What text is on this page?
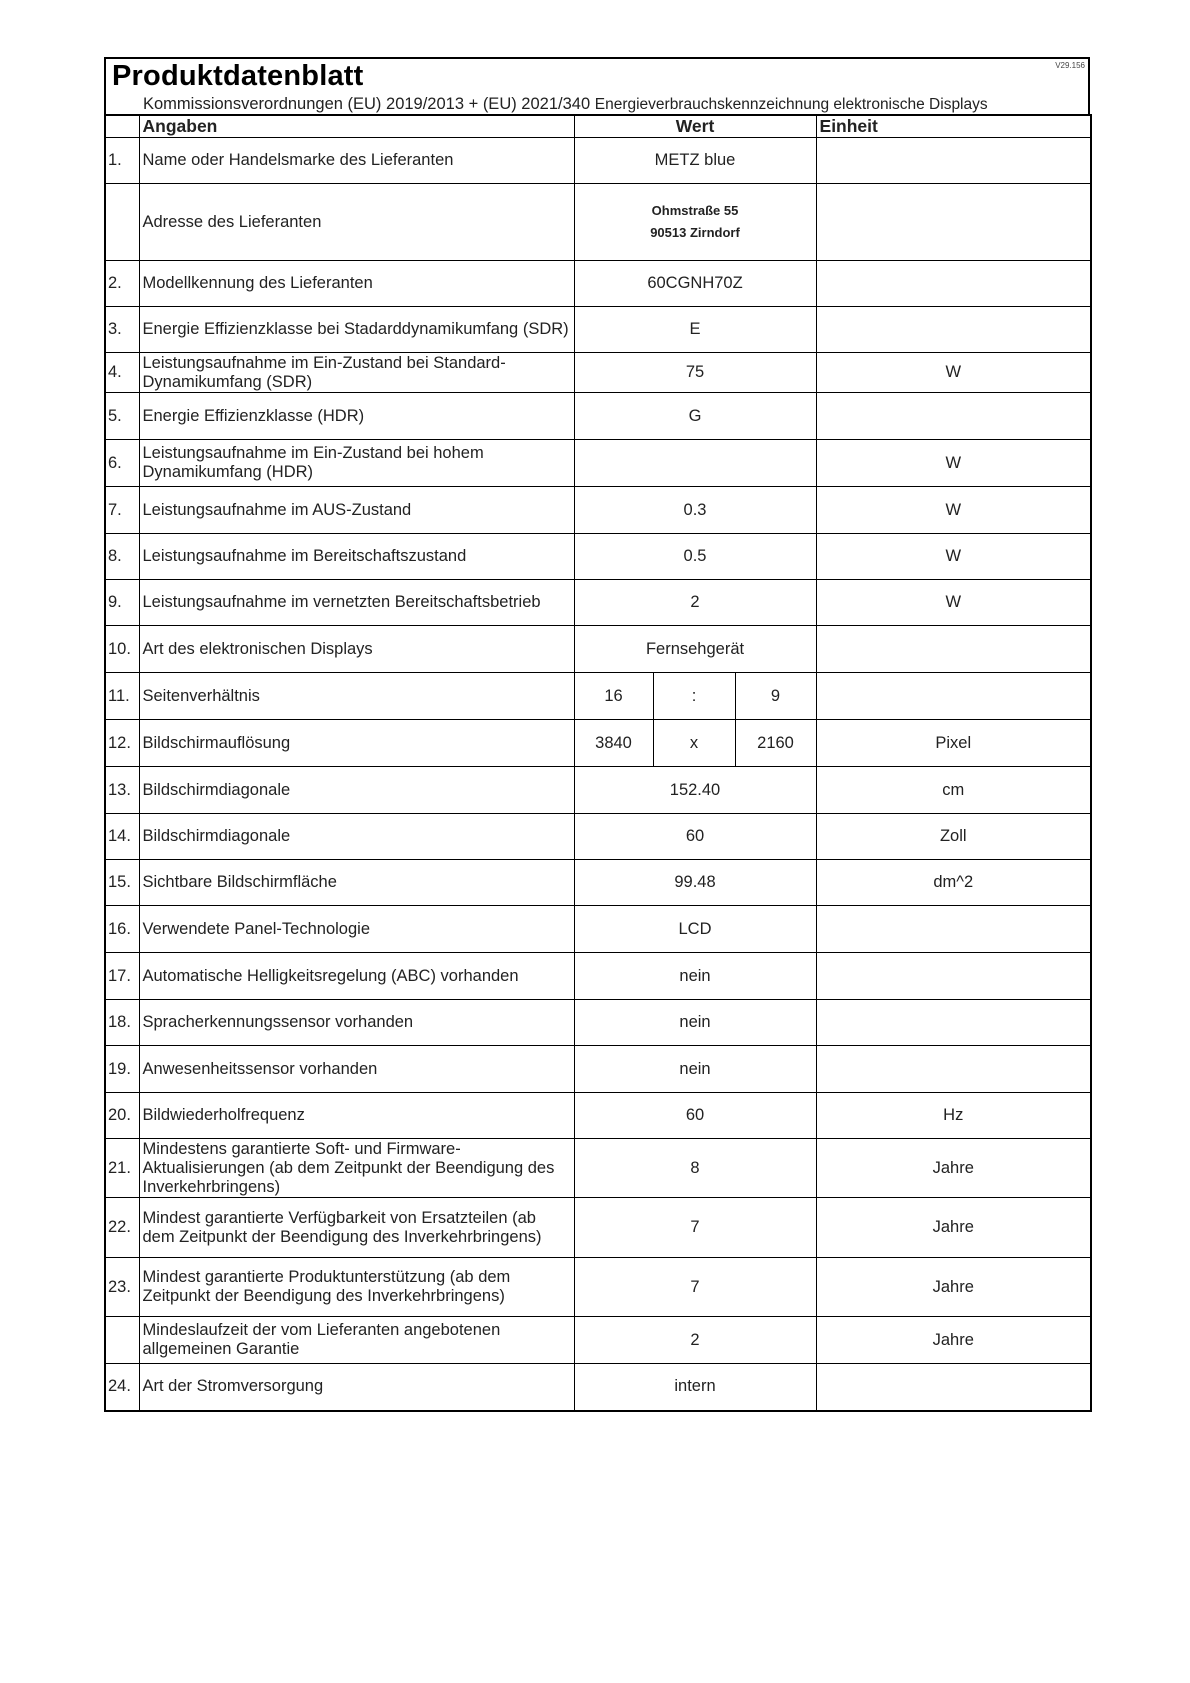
Produktdatenblatt	V29.156
Kommissionsverordnungen (EU) 2019/2013 + (EU) 2021/340 Energieverbrauchskennzeichnung elektronische Displays
	Angaben	Wert			Einheit
1.	Name oder Handelsmarke des Lieferanten	METZ blue			
	Adresse des Lieferanten	Ohmstraße 55
90513 Zirndorf			

2.	Modellkennung des Lieferanten	60CGNH70Z			
3.	Energie Effizienzklasse bei Stadarddynamikumfang (SDR)	E			
4.	Leistungsaufnahme im Ein-Zustand bei Standard-Dynamikumfang (SDR)	75			W
5.	Energie Effizienzklasse (HDR)	G			
6.	Leistungsaufnahme im Ein-Zustand bei hohem Dynamikumfang (HDR)				W
7.	Leistungsaufnahme im AUS-Zustand	0.3			W
8.	Leistungsaufnahme im Bereitschaftszustand	0.5			W
9.	Leistungsaufnahme im vernetzten Bereitschaftsbetrieb	2			W
10.	Art des elektronischen Displays	Fernsehgerät			
11.	Seitenverhältnis	16	:	9	
12.	Bildschirmauflösung	3840	x	2160	Pixel
13.	Bildschirmdiagonale	152.40			cm
14.	Bildschirmdiagonale	60			Zoll
15.	Sichtbare Bildschirmfläche	99.48			dm^2
16.	Verwendete Panel-Technologie	LCD			
17.	Automatische Helligkeitsregelung (ABC) vorhanden	nein			
18.	Spracherkennungssensor vorhanden	nein			
19.	Anwesenheitssensor vorhanden	nein			
20.	Bildwiederholfrequenz	60			Hz
21.	Mindestens garantierte Soft- und Firmware-Aktualisierungen (ab dem Zeitpunkt der Beendigung des Inverkehrbringens)	8			Jahre
22.	Mindest garantierte Verfügbarkeit von Ersatzteilen (ab dem Zeitpunkt der Beendigung des Inverkehrbringens)	7			Jahre
23.	Mindest garantierte Produktunterstützung (ab dem Zeitpunkt der Beendigung des Inverkehrbringens)	7			Jahre
	Mindeslaufzeit der vom Lieferanten angebotenen allgemeinen Garantie	2			Jahre
24.	Art der Stromversorgung	intern			
